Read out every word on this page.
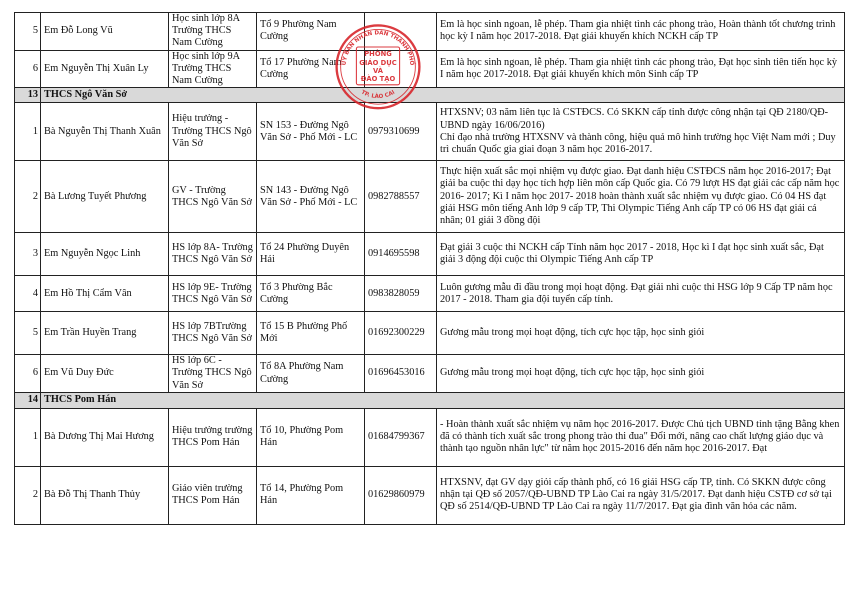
5	Em Đỗ Long Vũ	Học sinh lớp 8A Trường THCS Nam Cường	Tổ 9 Phường Nam Cường		Em là học sinh ngoan, lễ phép. Tham gia nhiệt tình các phong trào, Hoàn thành tốt chương trình học kỳ I năm học 2017-2018. Đạt giải khuyến khích NCKH cấp TP

6	Em Nguyễn Thị Xuân Ly	Học sinh lớp 9A Trường THCS Nam Cường	Tổ 17 Phường Nam Cường		Em là học sinh ngoan, lễ phép. Tham gia nhiệt tình các phong trào, Đạt học sinh tiên tiến học kỳ I năm học 2017-2018. Đạt giải khuyến khích môn Sinh cấp TP

13	THCS Ngô Văn Sở				
1	Bà Nguyễn Thị Thanh Xuân	Hiệu trưởng - Trường THCS Ngô Văn Sở	SN 153 - Đường Ngô Văn Sở - Phố Mới - LC	0979310699	HTXSNV; 03 năm liên tục là CSTĐCS. Có SKKN cấp tỉnh được công nhận tại QĐ 2180/QĐ-UBND ngày 16/06/2016)
Chỉ đạo nhà trường HTXSNV và thành công, hiệu quả mô hình trường học Việt Nam mới ; Duy trì chuẩn Quốc gia giai đoạn 3 năm học 2016-2017.

2	Bà Lương Tuyết Phương	GV - Trường THCS Ngô Văn Sở	SN 143 - Đường Ngô Văn Sở - Phố Mới - LC	0982788557	Thực hiện xuất sắc mọi nhiệm vụ được giao. Đạt danh hiệu CSTĐCS năm học 2016-2017; Đạt giải ba cuộc thi dạy học tích hợp liên môn cấp Quốc gia. Có 79 lượt HS đạt giải các cấp năm học 2016- 2017; Kì I năm học 2017- 2018 hoàn thành xuất sắc nhiệm vụ được giao. Có 04 HS đạt giải HSG môn tiếng Anh lớp 9 cấp TP, Thi Olympic Tiếng Anh cấp TP có 06 HS đạt giải cá nhân; 01 giải 3 đồng đội

3	Em Nguyễn Ngọc Linh	HS lớp 8A- Trường THCS Ngô Văn Sở	Tổ 24 Phường Duyên Hải	0914695598	Đạt giải 3 cuộc thi NCKH cấp Tỉnh năm học 2017 - 2018, Học kì I đạt học sinh xuất sắc, Đạt giải 3 động đội cuộc thi Olympic Tiếng Anh cấp TP

4	Em Hồ Thị Cẩm Vân	HS lớp 9E- Trường THCS Ngô Văn Sở	Tổ 3 Phường Bắc Cường	0983828059	Luôn gương mẫu đi đầu trong mọi hoạt động. Đạt giải nhì cuộc thi HSG lớp 9 Cấp TP năm học 2017 - 2018. Tham gia đội tuyển cấp tỉnh.

5	Em Trần Huyền Trang	HS lớp 7BTrường THCS Ngô Văn Sở	Tổ 15 B Phường Phố Mới	01692300229	Gương mẫu trong mọi hoạt động, tích cực học tập, học sinh giỏi

6	Em Vũ Duy Đức	HS lớp 6C - Trường THCS Ngô Văn Sở	Tổ 8A Phường Nam Cường	01696453016	Gương mẫu trong mọi hoạt động, tích cực học tập, học sinh giỏi

14	THCS Pom Hán				
1	Bà Dương Thị Mai Hương	Hiệu trưởng trường THCS Pom Hán	Tổ 10, Phường Pom Hán	01684799367	- Hoàn thành xuất sắc nhiệm vụ năm học 2016-2017. Được Chủ tịch UBND tỉnh tặng Bằng khen đã có thành tích xuất sắc trong phong trào thi đua" Đổi mới, nâng cao chất lượng giáo dục và thành tạo nguồn nhân lực" từ năm học 2015-2016 đến năm học 2016-2017. Đạt

2	Bà Đỗ Thị Thanh Thủy	Giáo viên trường THCS Pom Hán	Tổ 14, Phường Pom Hán	01629860979	HTXSNV, đạt GV dạy giỏi cấp thành phố, có 16 giải HSG cấp TP, tỉnh. Có SKKN được công nhận tại QĐ số 2057/QĐ-UBND TP Lào Cai ra ngày 31/5/2017. Đạt danh hiệu CSTĐ cơ sở tại QĐ số 2514/QĐ-UBND TP Lào Cai ra ngày 11/7/2017. Đạt gia đình văn hóa các năm.
UỶ BAN NHÂN DÂN THÀNH PHỐ
TP. LÀO CAI
PHÒNG
GIÁO DỤC
VÀ
ĐÀO TẠO
